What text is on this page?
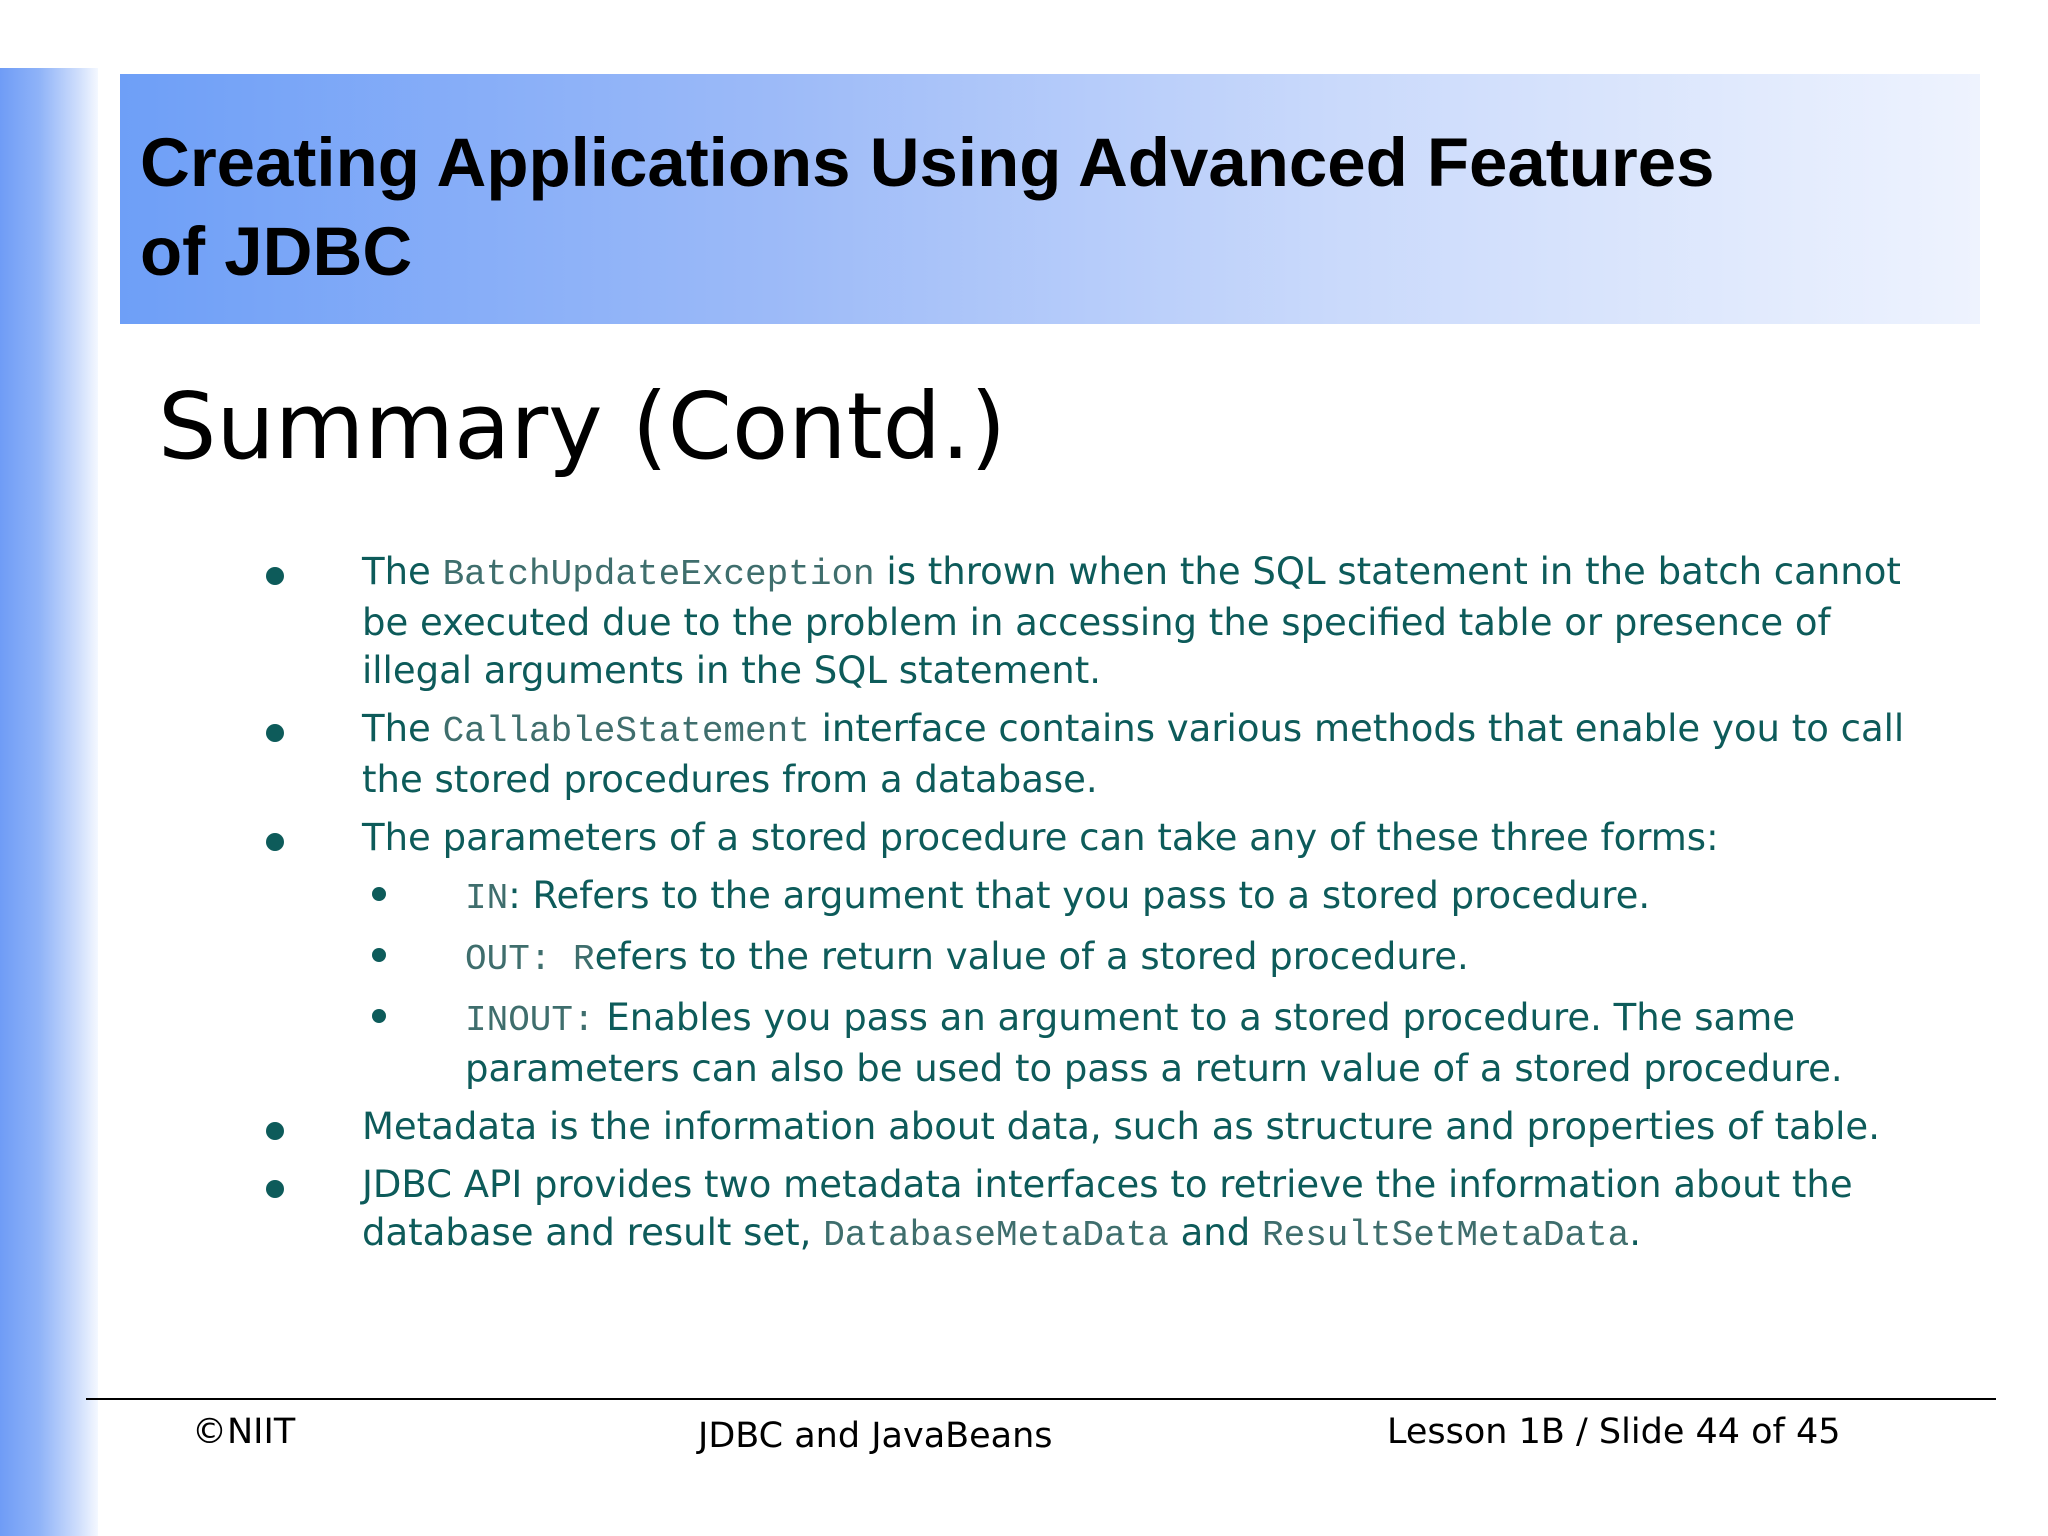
Creating Applications Using Advanced Features
of JDBC
Summary (Contd.)
The BatchUpdateException is thrown when the SQL statement in the batch cannot be executed due to the problem in accessing the specified table or presence of illegal arguments in the SQL statement.
The CallableStatement interface contains various methods that enable you to call the stored procedures from a database.
The parameters of a stored procedure can take any of these three forms:
IN: Refers to the argument that you pass to a stored procedure.
OUT: Refers to the return value of a stored procedure.
INOUT: Enables you pass an argument to a stored procedure. The same parameters can also be used to pass a return value of a stored procedure.
Metadata is the information about data, such as structure and properties of table.
JDBC API provides two metadata interfaces to retrieve the information about the database and result set, DatabaseMetaData and ResultSetMetaData.
©NIIT	JDBC and JavaBeans	Lesson 1B / Slide 44 of 45
